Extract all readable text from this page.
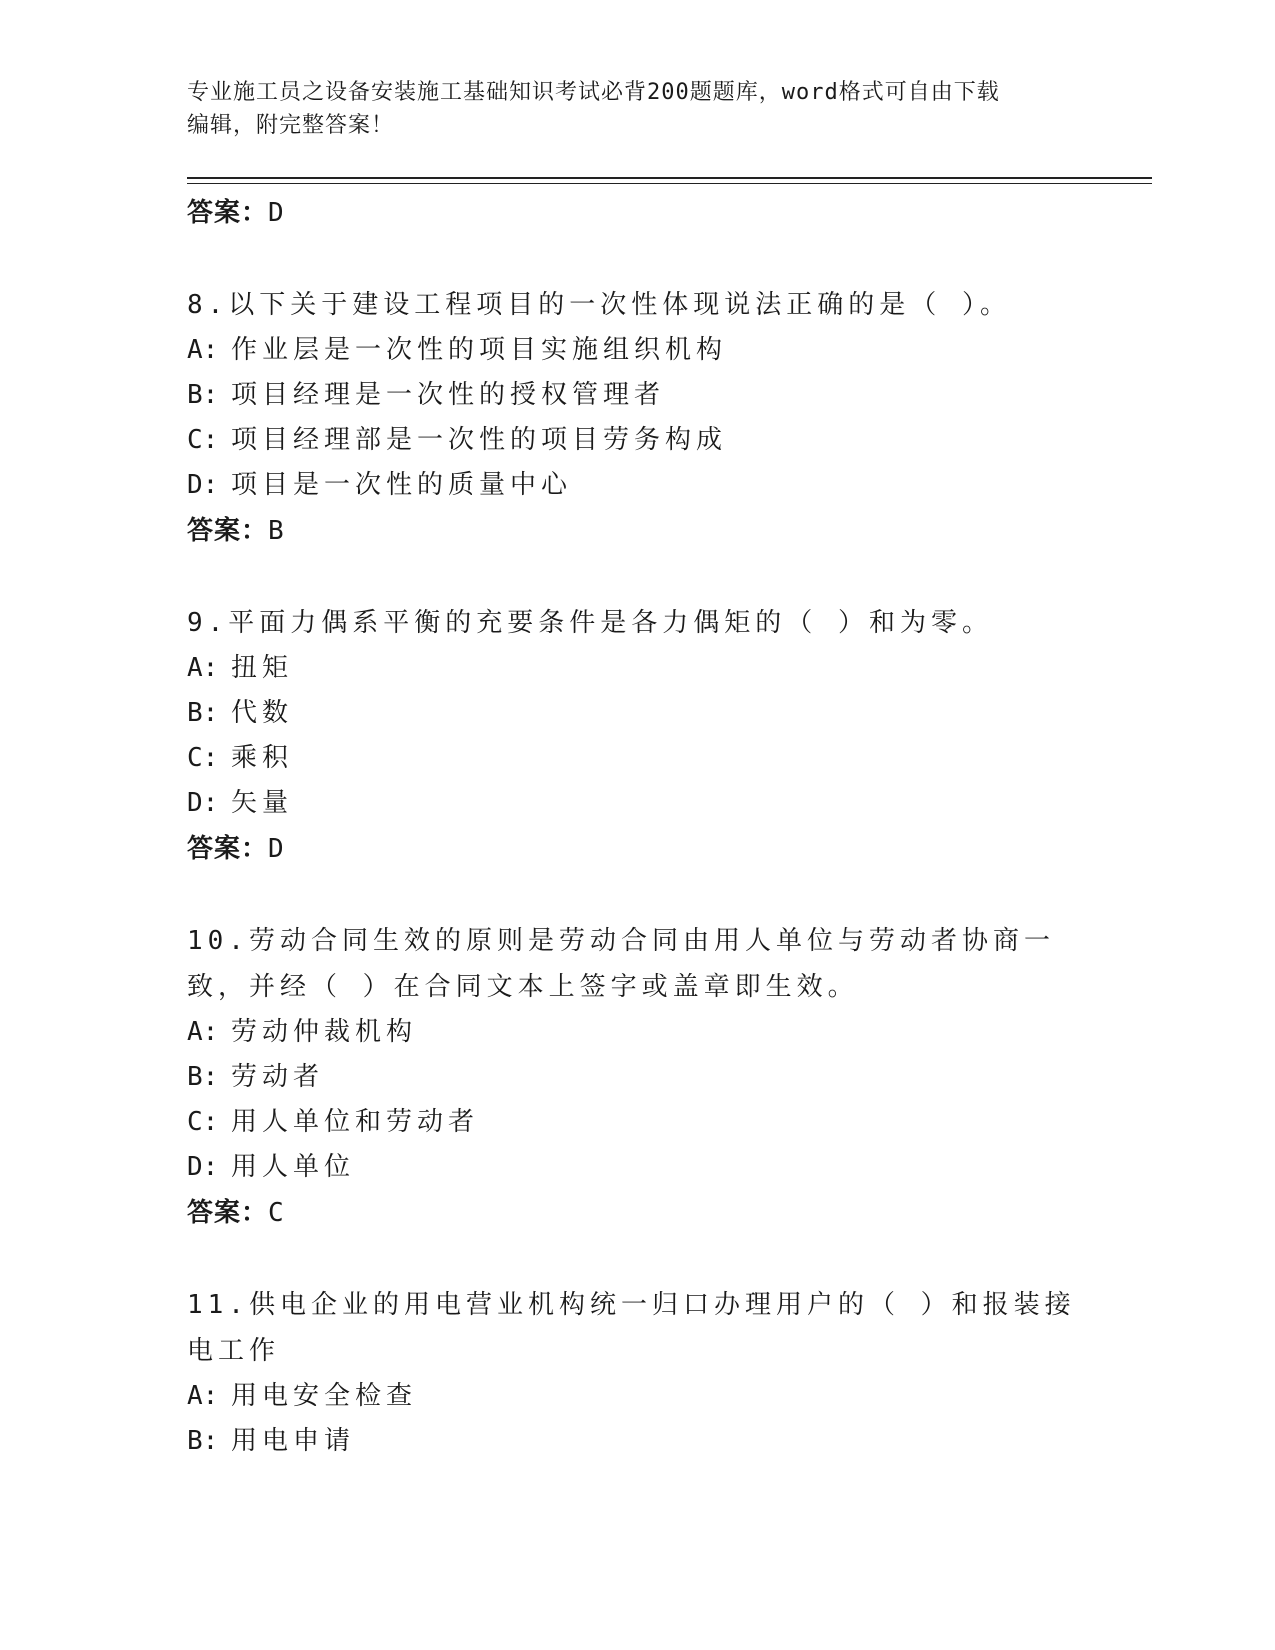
专业施工员之设备安装施工基础知识考试必背200题题库，word格式可自由下载
编辑，附完整答案！

答案：D

8.以下关于建设工程项目的一次性体现说法正确的是（ ）。

A: 作业层是一次性的项目实施组织机构

B: 项目经理是一次性的授权管理者

C: 项目经理部是一次性的项目劳务构成

D: 项目是一次性的质量中心

答案：B

9.平面力偶系平衡的充要条件是各力偶矩的（ ）和为零。

A: 扭矩

B: 代数

C: 乘积

D: 矢量

答案：D

10.劳动合同生效的原则是劳动合同由用人单位与劳动者协商一致，并经（ ）在合同文本上签字或盖章即生效。

A: 劳动仲裁机构

B: 劳动者

C: 用人单位和劳动者

D: 用人单位

答案：C

11.供电企业的用电营业机构统一归口办理用户的（ ）和报装接电工作

A: 用电安全检查

B: 用电申请
